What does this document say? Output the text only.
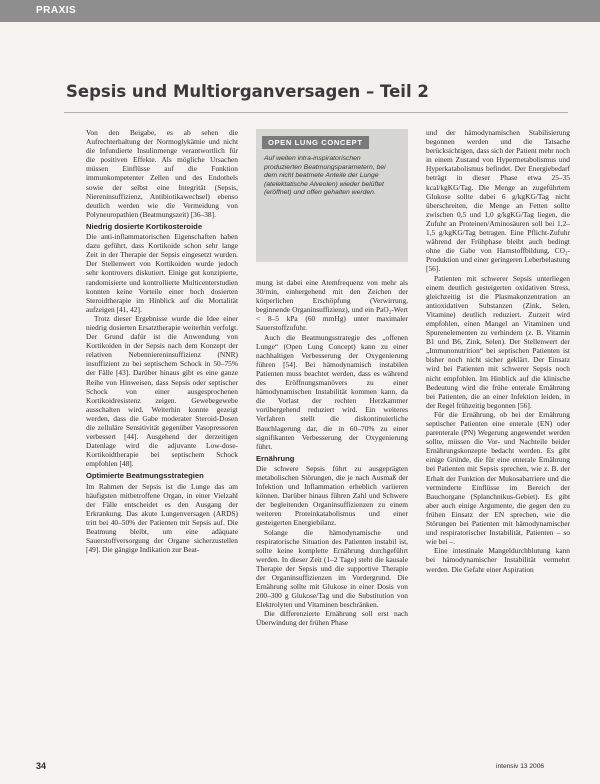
PRAXIS
Sepsis und Multiorganversagen – Teil 2

Von den Beigabe, es ab sehen die Aufrechterhaltung der Normoglykämie und nicht die Infundierte Insulinmenge verantwortlich für die positiven Effekte. Als mögliche Ursachen müssen Einflüsse auf die Funktion immunkompetenter Zellen und des Endothels sowie der selbst eine Integrität (Sepsis, Niereninsuffizienz, Antibiotikawechsel) ebenso deutlich werden wie die Vermeidung von Polyneuropathien (Beatmungszeit) [36–38].

Niedrig dosierte Kortikosteroide

Die anti-inflammatorischen Eigenschaften haben dazu geführt, dass Kortikoide schon sehr lange Zeit in der Therapie der Sepsis eingesetzt wurden. Der Stellenwert von Kortikoiden wurde jedoch sehr kontrovers diskutiert. Einige gut konzipierte, randomisierte und kontrollierte Multicenterstudien konnten keine Vorteile einer hoch dosierten Steroidtherapie im Hinblick auf die Mortalität aufzeigen [41, 42].

Trotz dieser Ergebnisse wurde die Idee einer niedrig dosierten Ersatztherapie weiterhin verfolgt. Der Grund dafür ist die Anwendung von Kortikoiden in der Sepsis nach dem Konzept der relativen Nebenniereninsuffizienz (NNR) insuffizient zu bei septischem Schock in 50–75% der Fälle [43]. Darüber hinaus gibt es eine ganze Reihe von Hinweisen, dass Sepsis oder septischer Schock von einer ausgesprochenen Kortikoidresistenz zeigen. Gewebegewebe ausschalten wird. Weiterhin konnte gezeigt werden, dass die Gabe moderater Steroid-Dosen die zelluläre Sensitivität gegenüber Vasopressoren verbessert [44]. Ausgehend der derzeitigen Datenlage wird die adjuvante Low-dose-Kortikoidtherapie bei septischem Schock empfohlen [48].

Optimierte Beatmungsstrategien

Im Rahmen der Sepsis ist die Lunge das am häufigsten mitbetroffene Organ, in einer Vielzahl der Fälle entscheidet es den Ausgang der Erkrankung. Das akute Lungenversagen (ARDS) tritt bei 40–50% der Patienten mit Sepsis auf. Die Beatmung bleibt, um eine adäquate Sauerstoffversorgung der Organe sicherzustellen [49]. Die gängige Indikation zur Beat-

OPEN LUNG CONCEPT
Auf weiten intra-inspiratorischen produzierten Beatmungsparametern, bei dem nicht beatmete Anteile der Lunge (atelektatische Alveolen) wieder belüftet (eröffnet) und offen gehalten werden.

mung ist dabei eine Atemfrequenz von mehr als 30/min, einhergehend mit den Zeichen der körperlichen Erschöpfung (Verwirrung, beginnende Organinsuffizienz), und ein PaO₂-Wert < 8–5 kPa (60 mmHg) unter maximaler Sauerstoffzufuhr.

Auch die Beatmungsstrategie des „offenen Lunge“ (Open Lung Concept) kann zu einer nachhaltigen Verbesserung der Oxygenierung führen [54]. Bei hämodynamisch instabilen Patienten muss beachtet werden, dass es während des Eröffnungsmanövers zu einer hämodynamischen Instabilität kommen kann, da die Vorlast der rechten Herzkammer vorübergehend reduziert wird. Ein weiteres Verfahren stellt die diskontinuierliche Bauchlagerung dar, die in 60–70% zu einer signifikanten Verbesserung der Oxygenierung führt.

Ernährung

Die schwere Sepsis führt zu ausgeprägten metabolischen Störungen, die je nach Ausmaß der Infektion und Inflammation erheblich variieren können. Darüber hinaus führen Zahl und Schwere der begleitenden Organinsuffizienzen zu einem weiteren Proteinkatabolismus und einer gesteigerten Energiebilanz.

Solange die hämodynamische und respiratorische Situation des Patienten instabil ist, sollte keine komplette Ernährung durchgeführt werden. In dieser Zeit (1–2 Tage) steht die kausale Therapie der Sepsis und die supportive Therapie der Organinsuffizienzen im Vordergrund. Die Ernährung sollte mit Glukose in einer Dosis von 200–300 g Glukose/Tag und die Substitution von Elektrolyten und Vitaminen beschränken.

Die differenzierte Ernährung soll erst nach Überwindung der frühen Phase

und der hämodynamischen Stabilisierung begonnen werden und die Tatsache berücksichtigen, dass sich der Patient mehr noch in einem Zustand von Hypermetabolismus und Hyperkatabolismus befindet. Der Energiebedarf beträgt in dieser Phase etwa 25–35 kcal/kgKG/Tag. Die Menge an zugeführtem Glukose sollte dabei 6 g/kgKG/Tag nicht überschreiten, die Menge an Fetten sollte zwischen 0,5 und 1,0 g/kgKG/Tag liegen, die Zufuhr an Proteinen/Aminosäuren soll bei 1,2–1,5 g/kgKG/Tag betragen. Eine Pflicht-Zufuhr während der Frühphase bleibt auch bedingt ohne die Gabe von Harnstoffbildung, CO₂-Produktion und einer geringeren Leberbelastung [56].

Patienten mit schwerer Sepsis unterliegen einem deutlich gesteigerten oxidativen Stress, gleichzeitig ist die Plasmakonzentration an antioxidativen Substanzen (Zink, Selen, Vitamine) deutlich reduziert. Zurzeit wird empfohlen, einen Mangel an Vitaminen und Spurenelementen zu verhindern (z. B. Vitamin B1 und B6, Zink, Selen). Der Stellenwert der „Immunonutrition“ bei septischen Patienten ist bisher noch nicht sicher geklärt. Der Einsatz wird bei Patienten mit schwerer Sepsis noch nicht empfohlen. Im Hinblick auf die klinische Bedeutung wird die frühe enterale Ernährung bei Patienten, die an einer Infektion leiden, in der Regel frühzeitig begonnen [56].

Für die Ernährung, ob bei der Ernährung septischer Patienten eine enterale (EN) oder parenterale (PN) Wegerung angewendet werden sollte, müssen die Vor- und Nachteile beider Ernährungskonzepte bedacht werden. Es gibt einige Gründe, die für eine enterale Ernährung bei Patienten mit Sepsis sprechen, wie z. B. der Erhalt der Funktion der Mukosabarriere und die verminderte Einflüsse im Bereich der Bauchorgane (Splanchnikus-Gebiet). Es gibt aber auch einige Argumente, die gegen den zu frühen Einsatz der EN sprechen, wie die Störungen bei Patienten mit hämodynamischer und respiratorischer Instabilität, Patienten – so wie bei –.

Eine intestinale Mangeldurchblutung kann bei hämodynamischer Instabilität vermehrt werden. Die Gefahr einer Aspiration

34	intensiv 13 2006
